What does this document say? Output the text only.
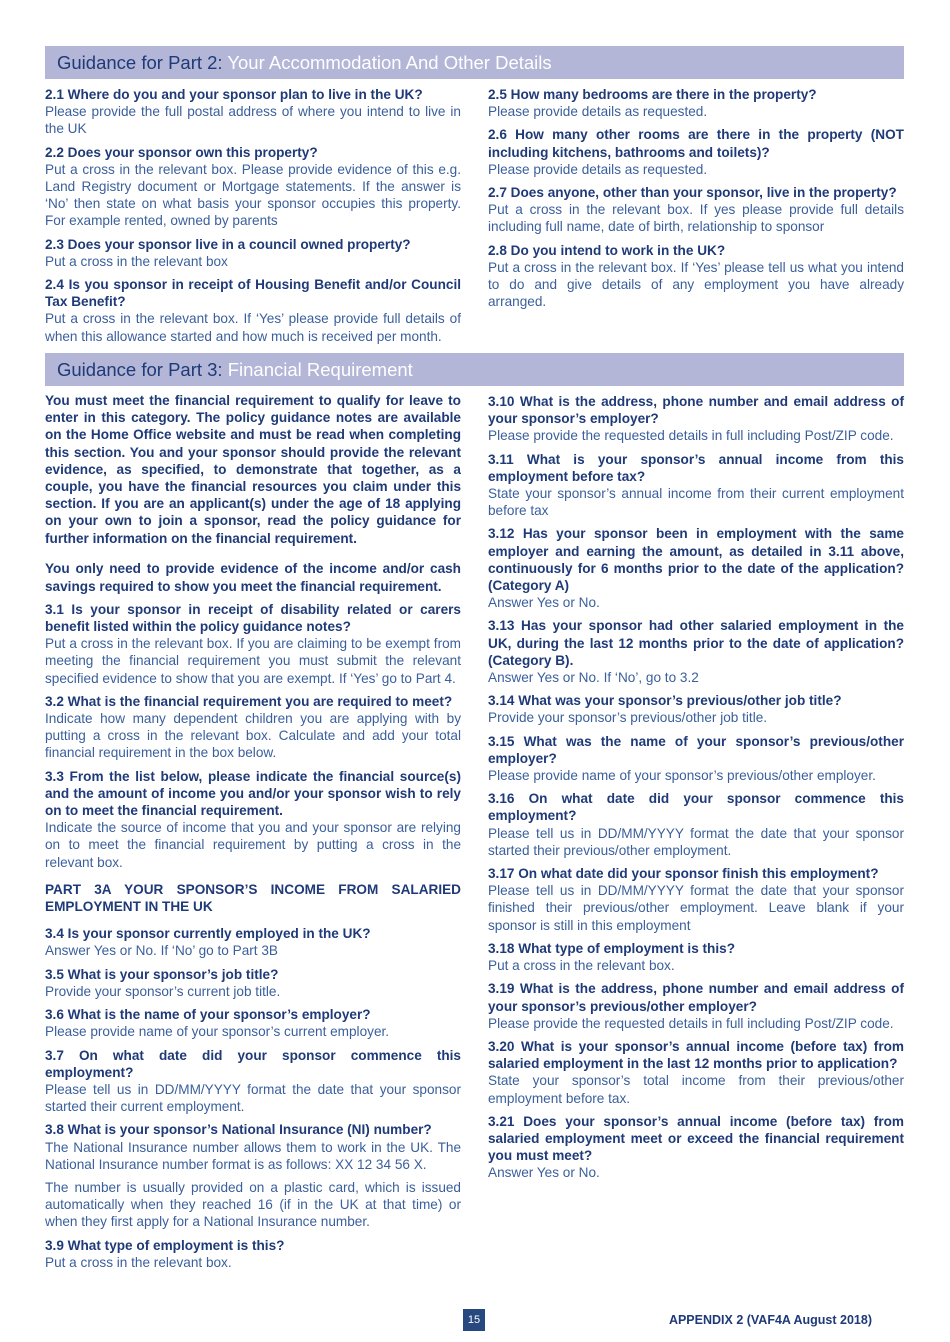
Guidance for Part 2: Your Accommodation And Other Details
2.1 Where do you and your sponsor plan to live in the UK?
Please provide the full postal address of where you intend to live in the UK
2.2 Does your sponsor own this property?
Put a cross in the relevant box. Please provide evidence of this e.g. Land Registry document or Mortgage statements. If the answer is ‘No’ then state on what basis your sponsor occupies this property. For example rented, owned by parents
2.3 Does your sponsor live in a council owned property?
Put a cross in the relevant box
2.4 Is you sponsor in receipt of Housing Benefit and/or Council Tax Benefit?
Put a cross in the relevant box. If ‘Yes’ please provide full details of when this allowance started and how much is received per month.
2.5 How many bedrooms are there in the property?
Please provide details as requested.
2.6 How many other rooms are there in the property (NOT including kitchens, bathrooms and toilets)?
Please provide details as requested.
2.7 Does anyone, other than your sponsor, live in the property?
Put a cross in the relevant box. If yes please provide full details including full name, date of birth, relationship to sponsor
2.8 Do you intend to work in the UK?
Put a cross in the relevant box. If ‘Yes’ please tell us what you intend to do and give details of any employment you have already arranged.
Guidance for Part 3: Financial Requirement

You must meet the financial requirement to qualify for leave to enter in this category. The policy guidance notes are available on the Home Office website and must be read when completing this section. You and your sponsor should provide the relevant evidence, as specified, to demonstrate that together, as a couple, you have the financial resources you claim under this section. If you are an applicant(s) under the age of 18 applying on your own to join a sponsor, read the policy guidance for further information on the financial requirement.

You only need to provide evidence of the income and/or cash savings required to show you meet the financial requirement.

3.1 Is your sponsor in receipt of disability related or carers benefit listed within the policy guidance notes?
Put a cross in the relevant box. If you are claiming to be exempt from meeting the financial requirement you must submit the relevant specified evidence to show that you are exempt. If ‘Yes’ go to Part 4.
3.2 What is the financial requirement you are required to meet?
Indicate how many dependent children you are applying with by putting a cross in the relevant box. Calculate and add your total financial requirement in the box below.
3.3 From the list below, please indicate the financial source(s) and the amount of income you and/or your sponsor wish to rely on to meet the financial requirement.
Indicate the source of income that you and your sponsor are relying on to meet the financial requirement by putting a cross in the relevant box.
PART 3A YOUR SPONSOR’S INCOME FROM SALARIED EMPLOYMENT IN THE UK
3.4 Is your sponsor currently employed in the UK?
Answer Yes or No. If ‘No’ go to Part 3B
3.5 What is your sponsor’s job title?
Provide your sponsor’s current job title.
3.6 What is the name of your sponsor’s employer?
Please provide name of your sponsor’s current employer.
3.7 On what date did your sponsor commence this employment?
Please tell us in DD/MM/YYYY format the date that your sponsor started their current employment.
3.8 What is your sponsor’s National Insurance (NI) number?
The National Insurance number allows them to work in the UK. The National Insurance number format is as follows: XX 12 34 56 X.
The number is usually provided on a plastic card, which is issued automatically when they reached 16 (if in the UK at that time) or when they first apply for a National Insurance number.
3.9 What type of employment is this?
Put a cross in the relevant box.
3.10 What is the address, phone number and email address of your sponsor’s employer?
Please provide the requested details in full including Post/ZIP code.
3.11 What is your sponsor’s annual income from this employment before tax?
State your sponsor’s annual income from their current employment before tax
3.12 Has your sponsor been in employment with the same employer and earning the amount, as detailed in 3.11 above, continuously for 6 months prior to the date of the application? (Category A)
Answer Yes or No.
3.13 Has your sponsor had other salaried employment in the UK, during the last 12 months prior to the date of application? (Category B).
Answer Yes or No. If ‘No’, go to 3.2
3.14 What was your sponsor’s previous/other job title?
Provide your sponsor’s previous/other job title.
3.15 What was the name of your sponsor’s previous/other employer?
Please provide name of your sponsor’s previous/other employer.
3.16 On what date did your sponsor commence this employment?
Please tell us in DD/MM/YYYY format the date that your sponsor started their previous/other employment.
3.17 On what date did your sponsor finish this employment?
Please tell us in DD/MM/YYYY format the date that your sponsor finished their previous/other employment. Leave blank if your sponsor is still in this employment
3.18 What type of employment is this?
Put a cross in the relevant box.
3.19 What is the address, phone number and email address of your sponsor’s previous/other employer?
Please provide the requested details in full including Post/ZIP code.
3.20 What is your sponsor’s annual income (before tax) from salaried employment in the last 12 months prior to application?
State your sponsor’s total income from their previous/other employment before tax.
3.21 Does your sponsor’s annual income (before tax) from salaried employment meet or exceed the financial requirement you must meet?
Answer Yes or No.
15	APPENDIX 2 (VAF4A August 2018)
